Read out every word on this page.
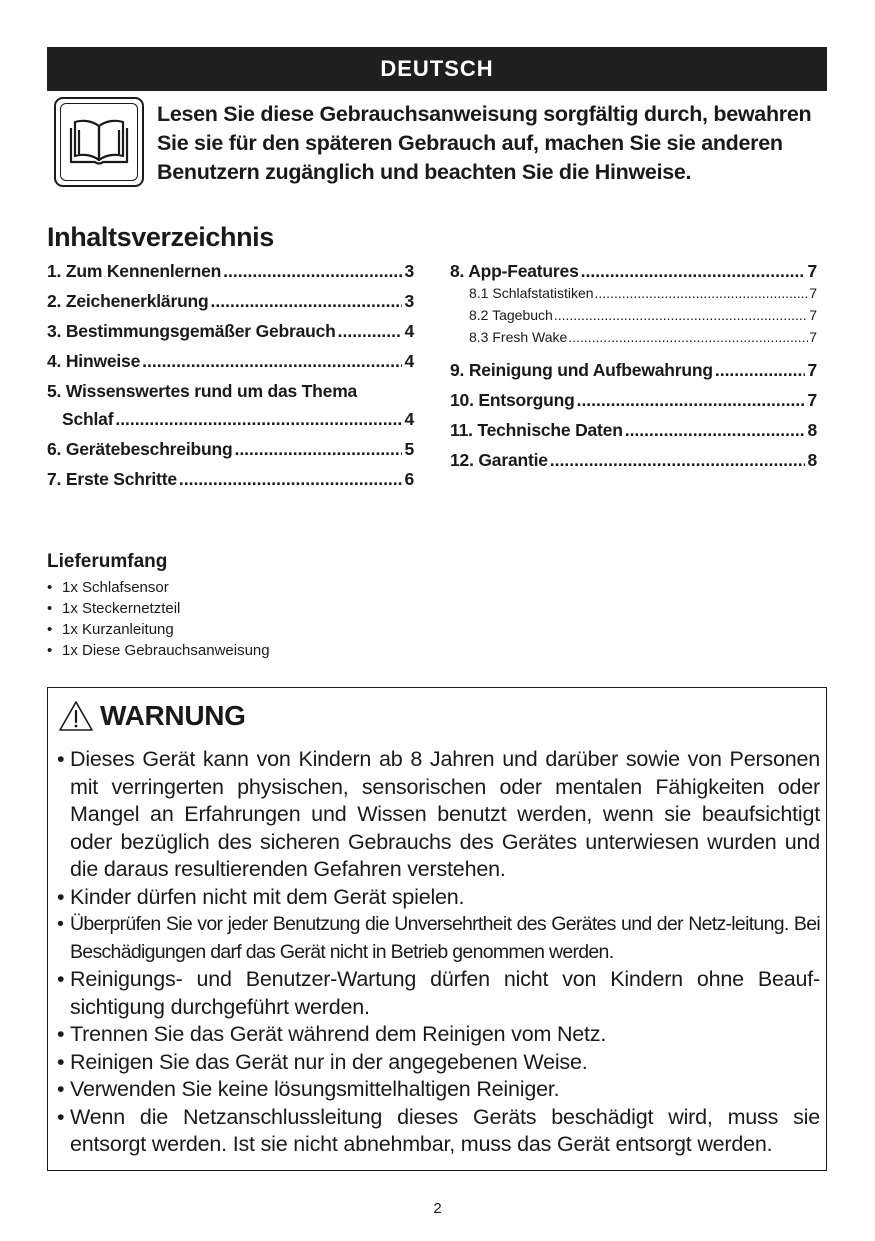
DEUTSCH
Lesen Sie diese Gebrauchsanweisung sorgfältig durch, bewahren Sie sie für den späteren Gebrauch auf, machen Sie sie anderen Benutzern zugänglich und beachten Sie die Hinweise.
Inhaltsverzeichnis
1. Zum Kennenlernen .....	3
2. Zeichenerklärung .....	3
3. Bestimmungsgemäßer Gebrauch .....	4
4. Hinweise .....	4
5. Wissenswertes rund um das Thema
Schlaf .....	4
6. Gerätebeschreibung .....	5
7. Erste Schritte .....	6
8. App-Features .....	7
8.1 Schlafstatistiken .....	7
8.2 Tagebuch .....	7
8.3 Fresh Wake .....	7
9. Reinigung und Aufbewahrung .....	7
10. Entsorgung .....	7
11. Technische Daten .....	8
12. Garantie .....	8
Lieferumfang
• 1x Schlafsensor
• 1x Steckernetzteil
• 1x Kurzanleitung
• 1x Diese Gebrauchsanweisung
WARNUNG
• Dieses Gerät kann von Kindern ab 8 Jahren und darüber sowie von Personen mit verringerten physischen, sensorischen oder mentalen Fähigkeiten oder Mangel an Erfahrungen und Wissen benutzt werden, wenn sie beaufsichtigt oder bezüglich des sicheren Gebrauchs des Gerätes unterwiesen wurden und die daraus resultierenden Gefahren verstehen.
• Kinder dürfen nicht mit dem Gerät spielen.
• Überprüfen Sie vor jeder Benutzung die Unversehrtheit des Gerätes und der Netz-leitung. Bei Beschädigungen darf das Gerät nicht in Betrieb genommen werden.
• Reinigungs- und Benutzer-Wartung dürfen nicht von Kindern ohne Beauf-sichtigung durchgeführt werden.
• Trennen Sie das Gerät während dem Reinigen vom Netz.
• Reinigen Sie das Gerät nur in der angegebenen Weise.
• Verwenden Sie keine lösungsmittelhaltigen Reiniger.
• Wenn die Netzanschlussleitung dieses Geräts beschädigt wird, muss sie entsorgt werden. Ist sie nicht abnehmbar, muss das Gerät entsorgt werden.
2
